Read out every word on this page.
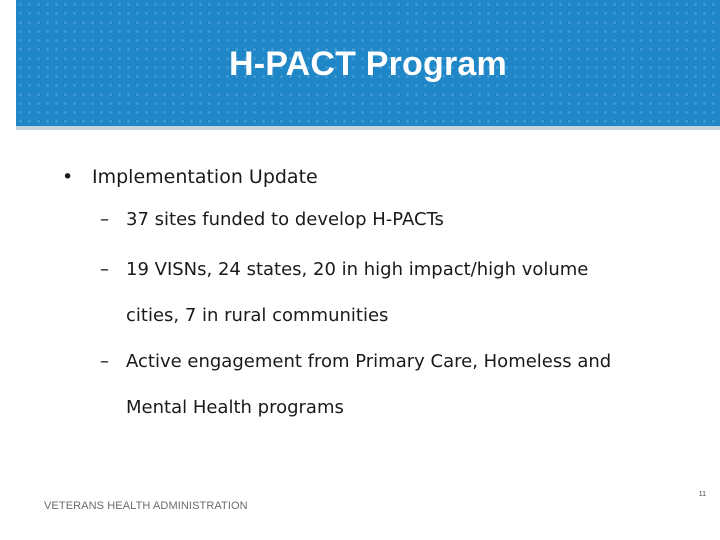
H-PACT Program
• Implementation Update
– 37 sites funded to develop H-PACTs
– 19 VISNs, 24 states, 20 in high impact/high volume
cities, 7 in rural communities
– Active engagement from Primary Care, Homeless and
Mental Health programs
VETERANS HEALTH ADMINISTRATION
11
